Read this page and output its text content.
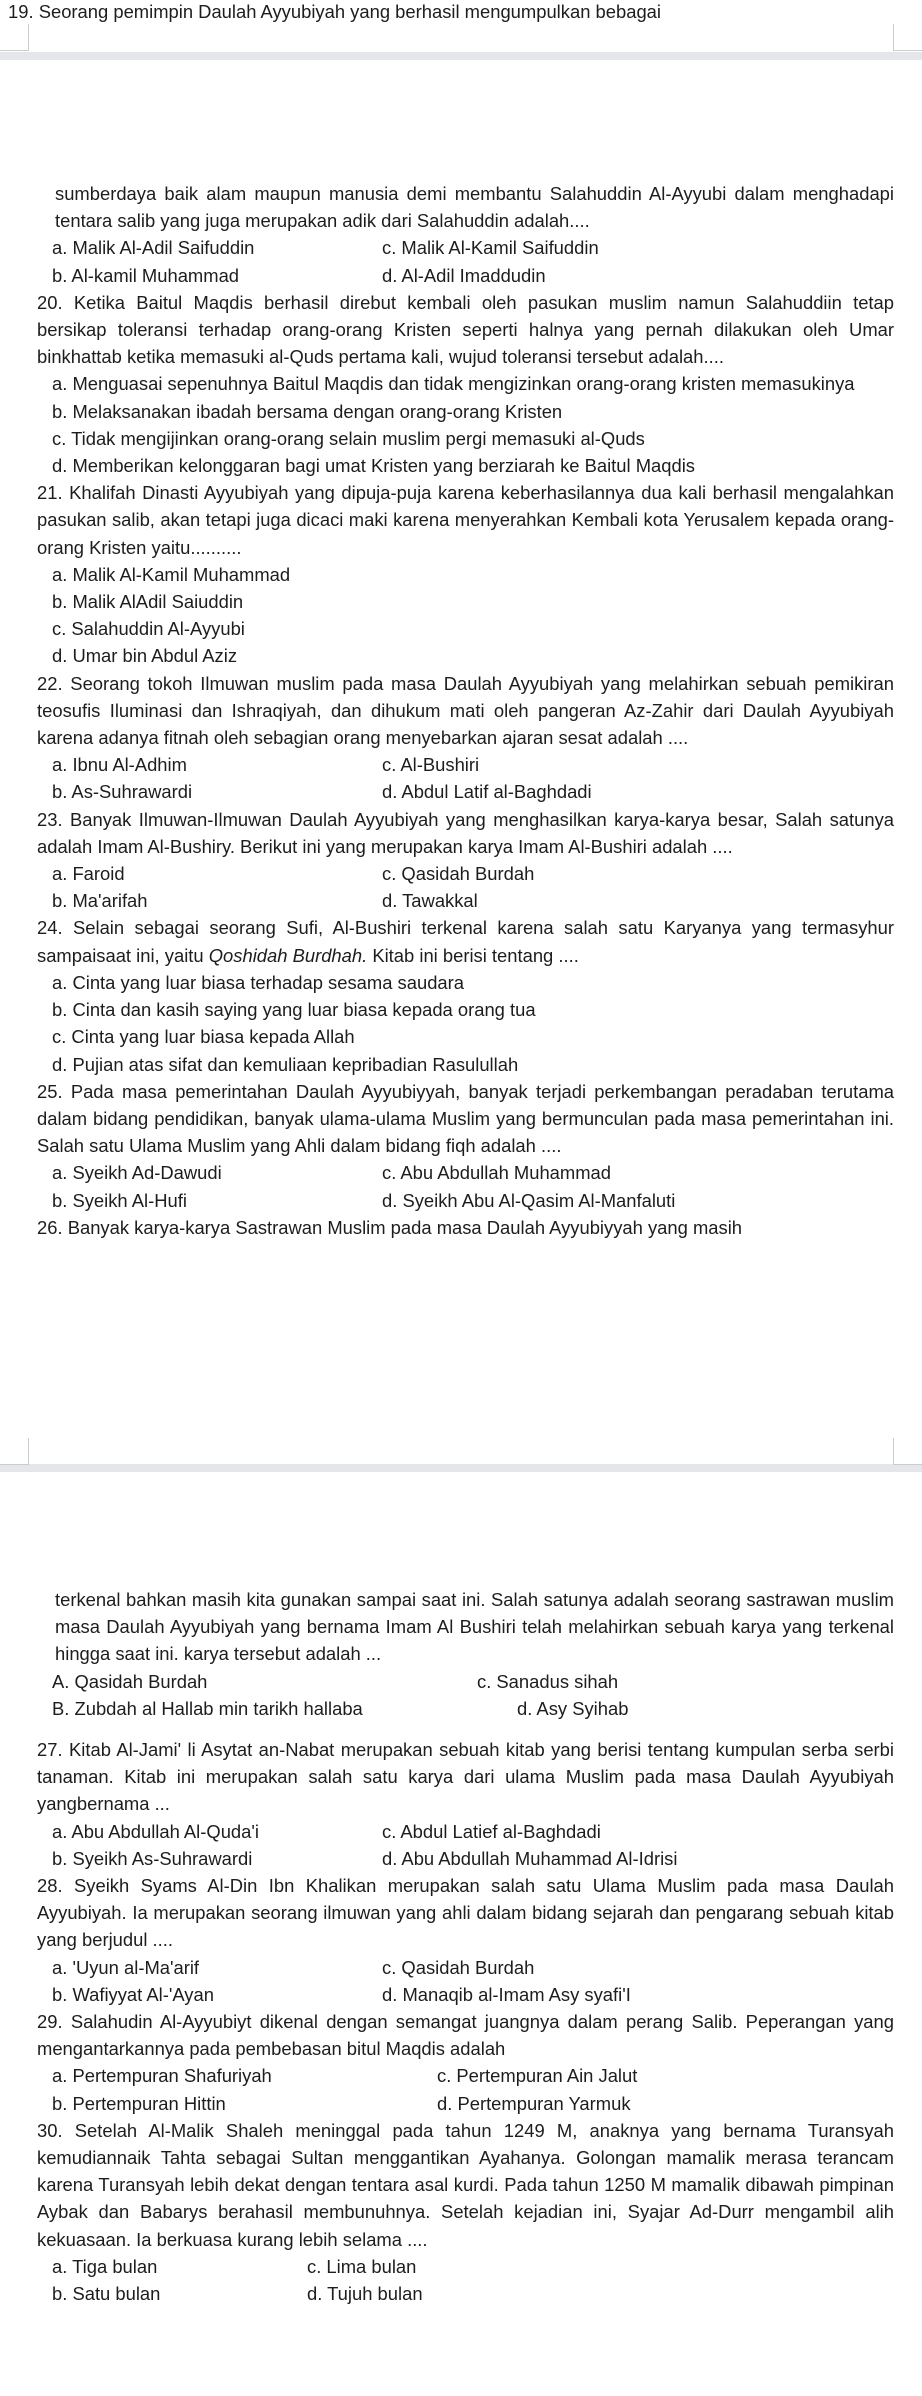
19. Seorang pemimpin Daulah Ayyubiyah yang berhasil mengumpulkan bebagai
sumberdaya baik alam maupun manusia demi membantu Salahuddin Al-Ayyubi dalam menghadapi tentara salib yang juga merupakan adik dari Salahuddin adalah....
a. Malik Al-Adil Saifuddin	c. Malik Al-Kamil Saifuddin
b. Al-kamil Muhammad	d. Al-Adil Imaddudin
20. Ketika Baitul Maqdis berhasil direbut kembali oleh pasukan muslim namun Salahuddiin tetap bersikap toleransi terhadap orang-orang Kristen seperti halnya yang pernah dilakukan oleh Umar binkhattab ketika memasuki al-Quds pertama kali, wujud toleransi tersebut adalah....
a. Menguasai sepenuhnya Baitul Maqdis dan tidak mengizinkan orang-orang kristen memasukinya
b. Melaksanakan ibadah bersama dengan orang-orang Kristen
c. Tidak mengijinkan orang-orang selain muslim pergi memasuki al-Quds
d. Memberikan kelonggaran bagi umat Kristen yang berziarah ke Baitul Maqdis
21. Khalifah Dinasti Ayyubiyah yang dipuja-puja karena keberhasilannya dua kali berhasil mengalahkan pasukan salib, akan tetapi juga dicaci maki karena menyerahkan Kembali kota Yerusalem kepada orang-orang Kristen yaitu..........
a. Malik Al-Kamil Muhammad
b. Malik AlAdil Saiuddin
c. Salahuddin Al-Ayyubi
d. Umar bin Abdul Aziz
22. Seorang tokoh Ilmuwan muslim pada masa Daulah Ayyubiyah yang melahirkan sebuah pemikiran teosufis Iluminasi dan Ishraqiyah, dan dihukum mati oleh pangeran Az-Zahir dari Daulah Ayyubiyah karena adanya fitnah oleh sebagian orang menyebarkan ajaran sesat adalah ....
a. Ibnu Al-Adhim	c. Al-Bushiri
b. As-Suhrawardi	d. Abdul Latif al-Baghdadi
23. Banyak Ilmuwan-Ilmuwan Daulah Ayyubiyah yang menghasilkan karya-karya besar, Salah satunya adalah Imam Al-Bushiry. Berikut ini yang merupakan karya Imam Al-Bushiri adalah ....
a. Faroid	c. Qasidah Burdah
b. Ma'arifah	d. Tawakkal
24. Selain sebagai seorang Sufi, Al-Bushiri terkenal karena salah satu Karyanya yang termasyhur sampaisaat ini, yaitu Qoshidah Burdhah. Kitab ini berisi tentang ....
a. Cinta yang luar biasa terhadap sesama saudara
b. Cinta dan kasih saying yang luar biasa kepada orang tua
c. Cinta yang luar biasa kepada Allah
d. Pujian atas sifat dan kemuliaan kepribadian Rasulullah
25. Pada masa pemerintahan Daulah Ayyubiyyah, banyak terjadi perkembangan peradaban terutama dalam bidang pendidikan, banyak ulama-ulama Muslim yang bermunculan pada masa pemerintahan ini. Salah satu Ulama Muslim yang Ahli dalam bidang fiqh adalah ....
a. Syeikh Ad-Dawudi	c. Abu Abdullah Muhammad
b. Syeikh Al-Hufi	d. Syeikh Abu Al-Qasim Al-Manfaluti
26. Banyak karya-karya Sastrawan Muslim pada masa Daulah Ayyubiyyah yang masih
terkenal bahkan masih kita gunakan sampai saat ini. Salah satunya adalah seorang sastrawan muslim masa Daulah Ayyubiyah yang bernama Imam Al Bushiri telah melahirkan sebuah karya yang terkenal hingga saat ini. karya tersebut adalah ...
A. Qasidah Burdah	c. Sanadus sihah
B. Zubdah al Hallab min tarikh hallaba	d. Asy Syihab
27. Kitab Al-Jami' li Asytat an-Nabat merupakan sebuah kitab yang berisi tentang kumpulan serba serbi tanaman. Kitab ini merupakan salah satu karya dari ulama Muslim pada masa Daulah Ayyubiyah yangbernama ...
a. Abu Abdullah Al-Quda'i	c. Abdul Latief al-Baghdadi
b. Syeikh As-Suhrawardi	d. Abu Abdullah Muhammad Al-Idrisi
28. Syeikh Syams Al-Din Ibn Khalikan merupakan salah satu Ulama Muslim pada masa Daulah Ayyubiyah. Ia merupakan seorang ilmuwan yang ahli dalam bidang sejarah dan pengarang sebuah kitab yang berjudul ....
a. 'Uyun al-Ma'arif	c. Qasidah Burdah
b. Wafiyyat Al-'Ayan	d. Manaqib al-Imam Asy syafi'I
29. Salahudin Al-Ayyubiyt dikenal dengan semangat juangnya dalam perang Salib. Peperangan yang mengantarkannya pada pembebasan bitul Maqdis adalah
a. Pertempuran Shafuriyah	c. Pertempuran Ain Jalut
b. Pertempuran Hittin	d. Pertempuran Yarmuk
30. Setelah Al-Malik Shaleh meninggal pada tahun 1249 M, anaknya yang bernama Turansyah kemudiannaik Tahta sebagai Sultan menggantikan Ayahanya. Golongan mamalik merasa terancam karena Turansyah lebih dekat dengan tentara asal kurdi. Pada tahun 1250 M mamalik dibawah pimpinan Aybak dan Babarys berahasil membunuhnya. Setelah kejadian ini, Syajar Ad-Durr mengambil alih kekuasaan. Ia berkuasa kurang lebih selama ....
a. Tiga bulan	c. Lima bulan
b. Satu bulan	d. Tujuh bulan
